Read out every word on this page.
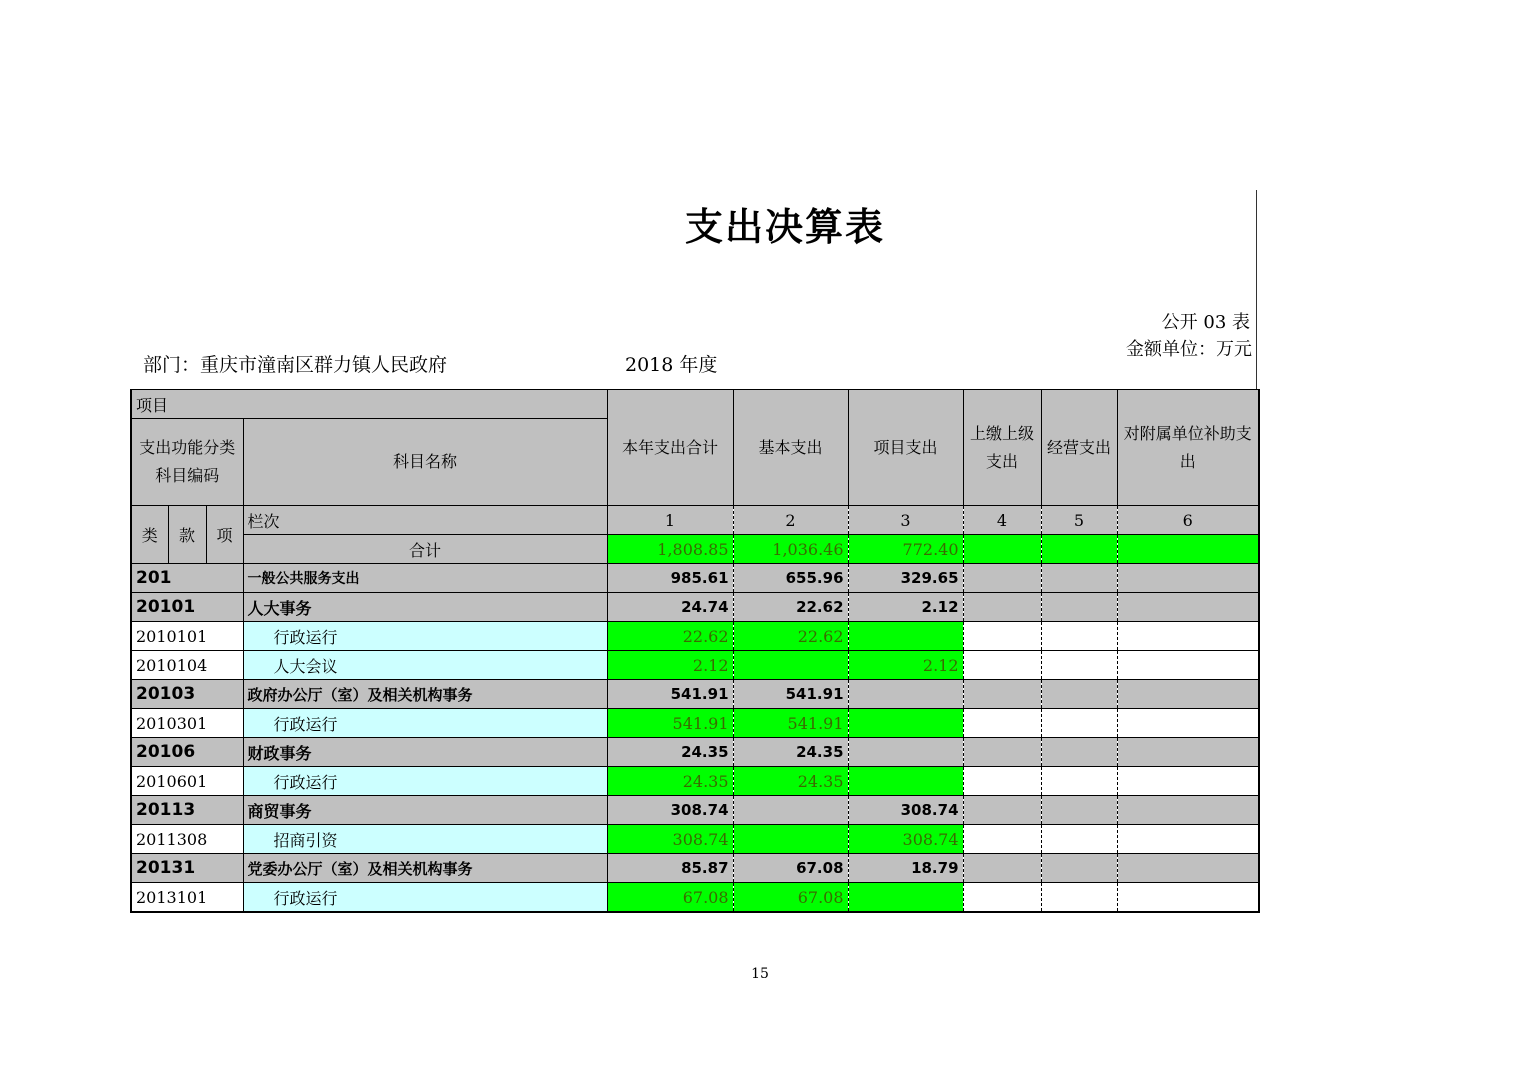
支出决算表
公开 03 表
金额单位：万元
部门：重庆市潼南区群力镇人民政府	2018 年度
项目				本年支出合计	基本支出	项目支出	上缴上级支出	经营支出	对附属单位补助支出
支出功能分类科目编码			科目名称						
类	款	项	栏次	1	2	3	4	5	6
			合计	1,808.85	1,036.46	772.40			
201			一般公共服务支出	985.61	655.96	329.65			
20101			人大事务	24.74	22.62	2.12			
2010101			行政运行	22.62	22.62				
2010104			人大会议	2.12		2.12			
20103			政府办公厅（室）及相关机构事务	541.91	541.91				
2010301			行政运行	541.91	541.91				
20106			财政事务	24.35	24.35				
2010601			行政运行	24.35	24.35				
20113			商贸事务	308.74		308.74			
2011308			招商引资	308.74		308.74			
20131			党委办公厅（室）及相关机构事务	85.87	67.08	18.79			
2013101			行政运行	67.08	67.08				
15
